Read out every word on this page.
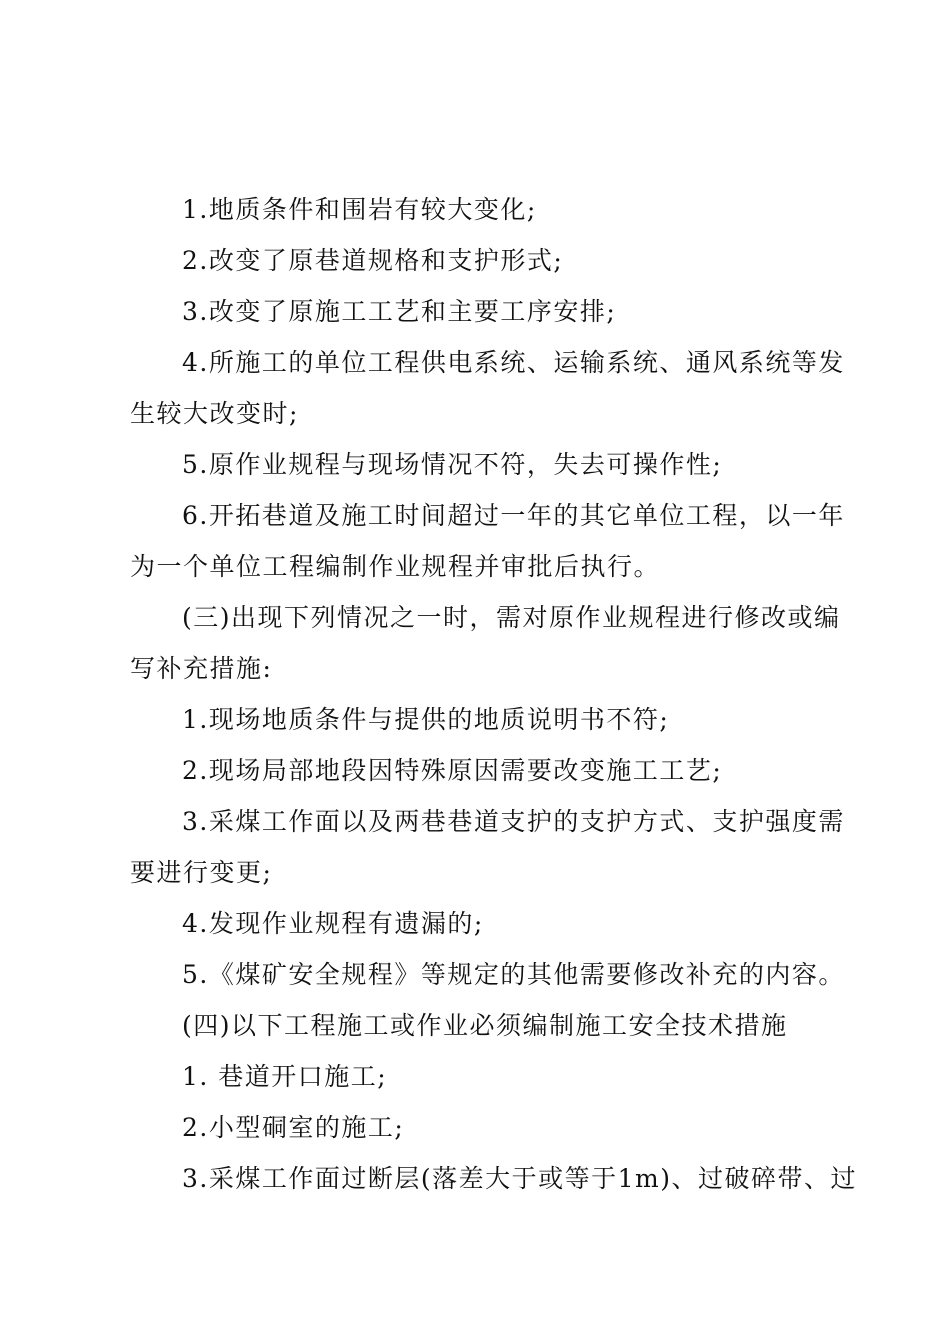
1.地质条件和围岩有较大变化;
2.改变了原巷道规格和支护形式;
3.改变了原施工工艺和主要工序安排;
4.所施工的单位工程供电系统、运输系统、通风系统等发
生较大改变时;
5.原作业规程与现场情况不符，失去可操作性;
6.开拓巷道及施工时间超过一年的其它单位工程，以一年
为一个单位工程编制作业规程并审批后执行。
(三)出现下列情况之一时，需对原作业规程进行修改或编
写补充措施:
1.现场地质条件与提供的地质说明书不符;
2.现场局部地段因特殊原因需要改变施工工艺;
3.采煤工作面以及两巷巷道支护的支护方式、支护强度需
要进行变更;
4.发现作业规程有遗漏的;
5.《煤矿安全规程》等规定的其他需要修改补充的内容。
(四)以下工程施工或作业必须编制施工安全技术措施
1. 巷道开口施工;
2.小型硐室的施工;
3.采煤工作面过断层(落差大于或等于1m)、过破碎带、过
